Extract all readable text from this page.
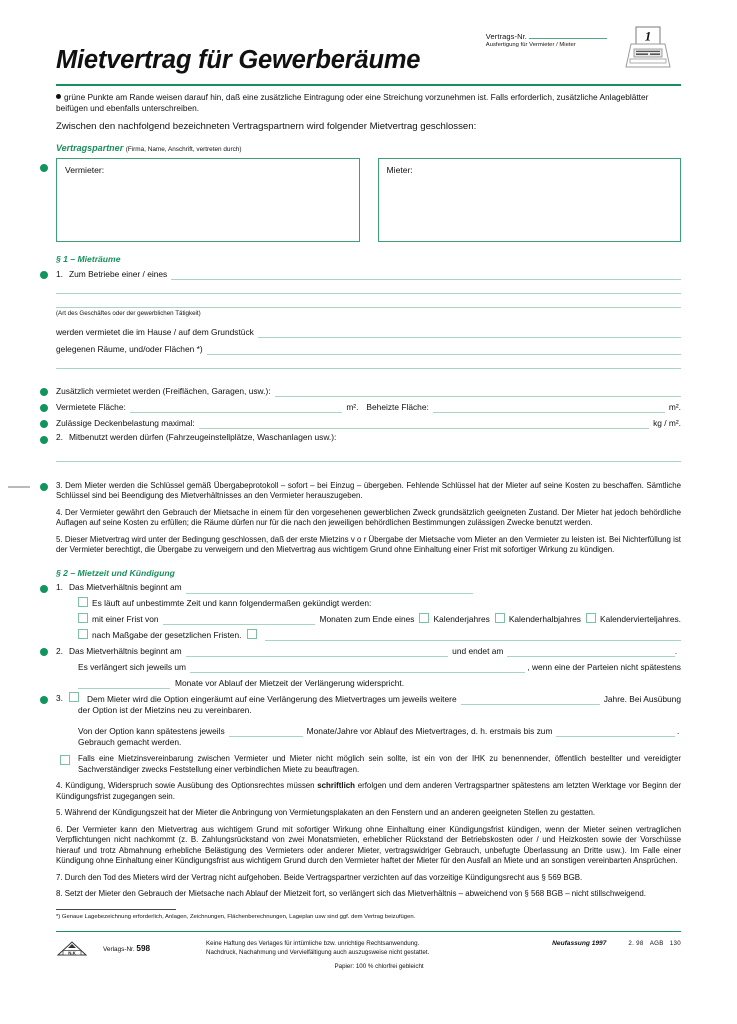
Vertrags-Nr.
Ausfertigung für Vermieter / Mieter
1
Mietvertrag für Gewerberäume
grüne Punkte am Rande weisen darauf hin, daß eine zusätzliche Eintragung oder eine Streichung vorzunehmen ist. Falls erforderlich, zusätzliche Anlageblätter beifügen und ebenfalls unterschreiben.
Zwischen den nachfolgend bezeichneten Vertragspartnern wird folgender Mietvertrag geschlossen:
Vertragspartner (Firma, Name, Anschrift, vertreten durch)
Vermieter:	Mieter:
§ 1 – Mieträume
1. Zum Betriebe einer / eines	
(Art des Geschäftes oder der gewerblichen Tätigkeit)
werden vermietet die im Hause / auf dem Grundstück	
gelegenen Räume, und/oder Flächen *)	
Zusätzlich vermietet werden (Freiflächen, Garagen, usw.):	
Vermietete Fläche:		m².	Beheizte Fläche:		m².
Zulässige Deckenbelastung maximal:		kg / m².
2. Mitbenutzt werden dürfen (Fahrzeugeinstellplätze, Waschanlagen usw.):
3. Dem Mieter werden die Schlüssel gemäß Übergabeprotokoll – sofort – bei Einzug – übergeben. Fehlende Schlüssel hat der Mieter auf seine Kosten zu beschaffen. Sämtliche Schlüssel sind bei Beendigung des Mietverhältnisses an den Vermieter herauszugeben.
4. Der Vermieter gewährt den Gebrauch der Mietsache in einem für den vorgesehenen gewerblichen Zweck grundsätzlich geeigneten Zustand. Der Mieter hat jedoch behördliche Auflagen auf seine Kosten zu erfüllen; die Räume dürfen nur für die nach den jeweiligen behördlichen Bestimmungen zulässigen Zwecke benutzt werden.
5. Dieser Mietvertrag wird unter der Bedingung geschlossen, daß der erste Mietzins v o r Übergabe der Mietsache vom Mieter an den Vermieter zu leisten ist. Bei Nichterfüllung ist der Vermieter berechtigt, die Übergabe zu verweigern und den Mietvertrag aus wichtigem Grund ohne Einhaltung einer Frist mit sofortiger Wirkung zu kündigen.
§ 2 – Mietzeit und Kündigung
1. Das Mietverhältnis beginnt am	

Es läuft auf unbestimmte Zeit und kann folgendermaßen gekündigt werden:
mit einer Frist von		Monaten zum Ende eines	Kalenderjahres	Kalenderhalbjahres	Kalendervierteljahres.
nach Maßgabe der gesetzlichen Fristen.		
2. Das Mietverhältnis beginnt am		und endet am		.
Es verlängert sich jeweils um		, wenn eine der Parteien nicht spätestens
	Monate vor Ablauf der Mietzeit der Verlängerung widerspricht.
3.	Dem Mieter wird die Option eingeräumt auf eine Verlängerung des Mietvertrages um jeweils weitere		Jahre. Bei Ausübung
der Option ist der Mietzins neu zu vereinbaren.
Von der Option kann spätestens jeweils		Monate/Jahre vor Ablauf des Mietvertrages, d. h. erstmais bis zum		.
Gebrauch gemacht werden.
Falls eine Mietzinsvereinbarung zwischen Vermieter und Mieter nicht möglich sein sollte, ist ein von der IHK zu benennender, öffentlich bestellter und vereidigter Sachverständiger zwecks Feststellung einer verbindlichen Miete zu beauftragen.
4. Kündigung, Widerspruch sowie Ausübung des Optionsrechtes müssen schriftlich erfolgen und dem anderen Vertragspartner spätestens am letzten Werktage vor Beginn der Kündigungsfrist zugegangen sein.
5. Während der Kündigungszeit hat der Mieter die Anbringung von Vermietungsplakaten an den Fenstern und an anderen geeigneten Stellen zu gestatten.
6. Der Vermieter kann den Mietvertrag aus wichtigem Grund mit sofortiger Wirkung ohne Einhaltung einer Kündigungsfrist kündigen, wenn der Mieter seinen vertraglichen Verpflichtungen nicht nachkommt (z. B. Zahlungsrückstand von zwei Monatsmieten, erheblicher Rückstand der Betriebskosten oder / und Heizkosten sowie der Vorschüsse hierauf und trotz Abmahnung erhebliche Belästigung des Vermieters oder anderer Mieter, vertragswidriger Gebrauch, unbefugte Überlassung an Dritte usw.). Im Falle einer Kündigung ohne Einhaltung einer Kündigungsfrist aus wichtigem Grund durch den Vermieter haftet der Mieter für den Ausfall an Miete und an sonstigen vereinbarten Ansprüchen.
7. Durch den Tod des Mieters wird der Vertrag nicht aufgehoben. Beide Vertragspartner verzichten auf das vorzeitige Kündigungsrecht aus § 569 BGB.
8. Setzt der Mieter den Gebrauch der Mietsache nach Ablauf der Mietzeit fort, so verlängert sich das Mietverhältnis – abweichend von § 568 BGB – nicht stillschweigend.
*) Genaue Lagebezeichnung erforderlich, Anlagen, Zeichnungen, Flächenberechnungen, Lageplan usw sind ggf. dem Vertrag beizufügen.
N.K	Verlags-Nr. 598
Keine Haftung des Verlages für irrtümliche bzw. unrichtige Rechtsanwendung.
Nachdruck, Nachahmung und Vervielfältigung auch auszugsweise nicht gestattet.
Papier: 100 % chlorfrei gebleicht
Neufassung 1997	2. 98 AGB 130
